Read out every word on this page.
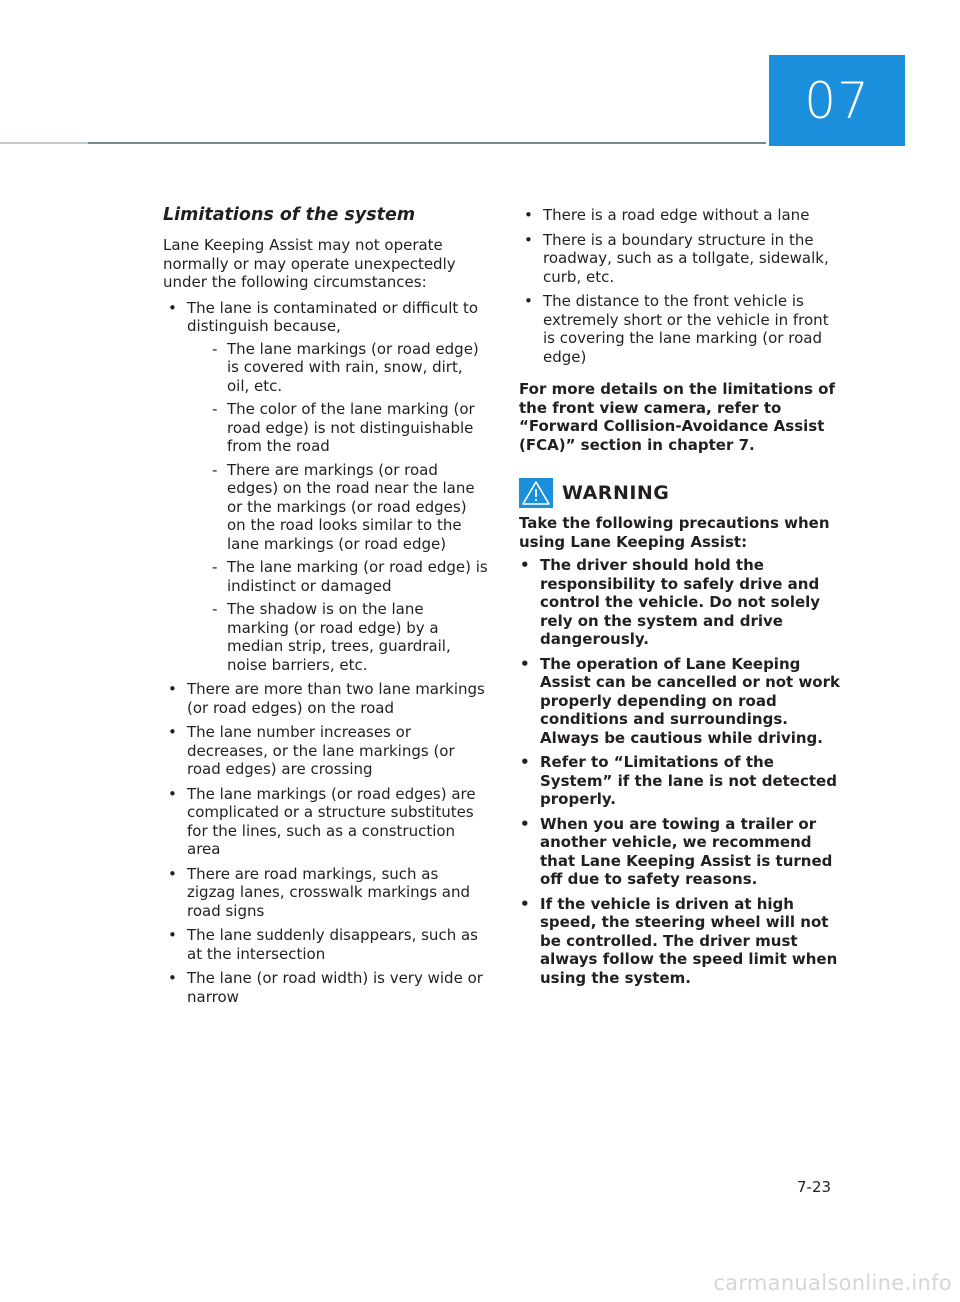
07
Limitations of the system

Lane Keeping Assist may not operate normally or may operate unexpectedly under the following circumstances:

• The lane is contaminated or difficult to distinguish because,
- The lane markings (or road edge) is covered with rain, snow, dirt, oil, etc.
- The color of the lane marking (or road edge) is not distinguishable from the road
- There are markings (or road edges) on the road near the lane or the markings (or road edges) on the road looks similar to the lane markings (or road edge)
- The lane marking (or road edge) is indistinct or damaged
- The shadow is on the lane marking (or road edge) by a median strip, trees, guardrail, noise barriers, etc.
• There are more than two lane markings (or road edges) on the road
• The lane number increases or decreases, or the lane markings (or road edges) are crossing
• The lane markings (or road edges) are complicated or a structure substitutes for the lines, such as a construction area
• There are road markings, such as zigzag lanes, crosswalk markings and road signs
• The lane suddenly disappears, such as at the intersection
• The lane (or road width) is very wide or narrow
• There is a road edge without a lane
• There is a boundary structure in the roadway, such as a tollgate, sidewalk, curb, etc.
• The distance to the front vehicle is extremely short or the vehicle in front is covering the lane marking (or road edge)

For more details on the limitations of the front view camera, refer to “Forward Collision-Avoidance Assist (FCA)” section in chapter 7.

WARNING

Take the following precautions when using Lane Keeping Assist:

• The driver should hold the responsibility to safely drive and control the vehicle. Do not solely rely on the system and drive dangerously.
• The operation of Lane Keeping Assist can be cancelled or not work properly depending on road conditions and surroundings. Always be cautious while driving.
• Refer to “Limitations of the System” if the lane is not detected properly.
• When you are towing a trailer or another vehicle, we recommend that Lane Keeping Assist is turned off due to safety reasons.
• If the vehicle is driven at high speed, the steering wheel will not be controlled. The driver must always follow the speed limit when using the system.
7-23
carmanualsonline.info
